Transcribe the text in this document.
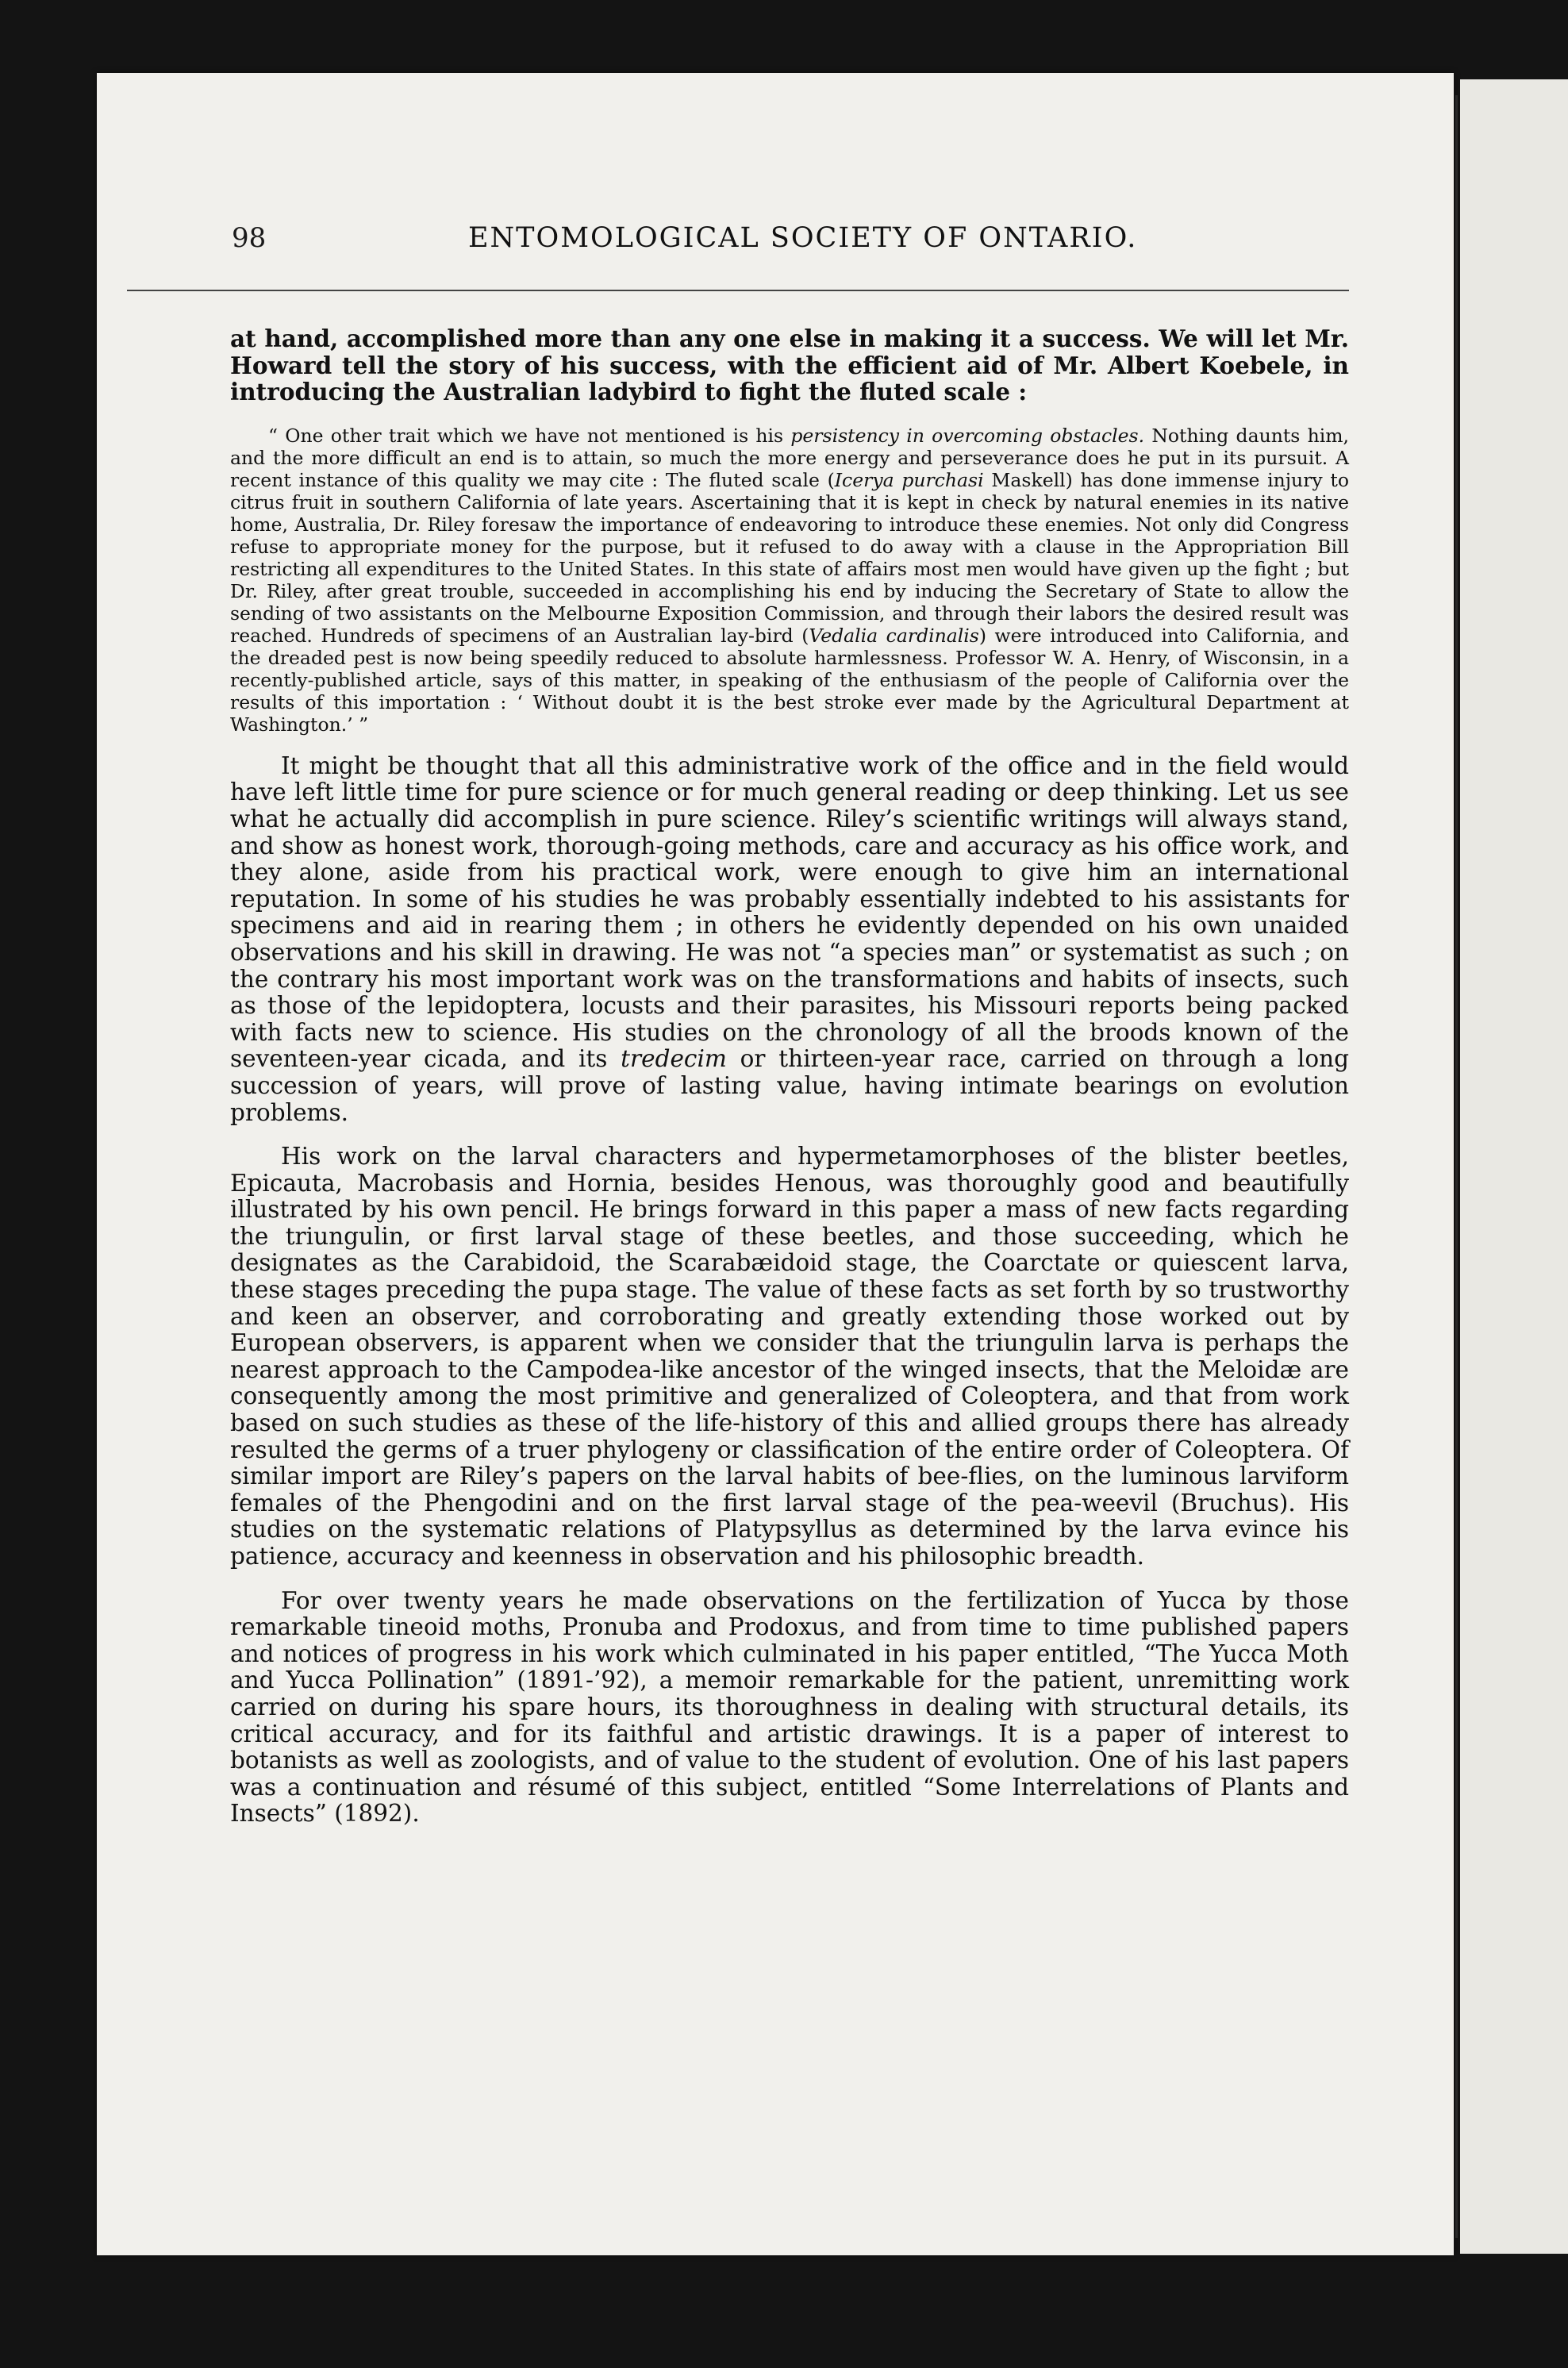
98	ENTOMOLOGICAL SOCIETY OF ONTARIO.

at hand, accomplished more than any one else in making it a success. We will let Mr. Howard tell the story of his success, with the efficient aid of Mr. Albert Koebele, in introducing the Australian ladybird to fight the fluted scale :

“ One other trait which we have not mentioned is his persistency in overcoming obstacles. Nothing daunts him, and the more difficult an end is to attain, so much the more energy and perseverance does he put in its pursuit. A recent instance of this quality we may cite : The fluted scale (Icerya purchasi Maskell) has done immense injury to citrus fruit in southern California of late years. Ascertaining that it is kept in check by natural enemies in its native home, Australia, Dr. Riley foresaw the importance of endeavoring to introduce these enemies. Not only did Congress refuse to appropriate money for the purpose, but it refused to do away with a clause in the Appropriation Bill restricting all expenditures to the United States. In this state of affairs most men would have given up the fight ; but Dr. Riley, after great trouble, succeeded in accomplishing his end by inducing the Secretary of State to allow the sending of two assistants on the Melbourne Exposition Commission, and through their labors the desired result was reached. Hundreds of specimens of an Australian lay-bird (Vedalia cardinalis) were introduced into California, and the dreaded pest is now being speedily reduced to absolute harmlessness. Professor W. A. Henry, of Wisconsin, in a recently-published article, says of this matter, in speaking of the enthusiasm of the people of California over the results of this importation : ‘ Without doubt it is the best stroke ever made by the Agricultural Department at Washington.’ ”

It might be thought that all this administrative work of the office and in the field would have left little time for pure science or for much general reading or deep thinking. Let us see what he actually did accomplish in pure science. Riley’s scientific writings will always stand, and show as honest work, thorough-going methods, care and accuracy as his office work, and they alone, aside from his practical work, were enough to give him an international reputation. In some of his studies he was probably essentially indebted to his assistants for specimens and aid in rearing them ; in others he evidently depended on his own unaided observations and his skill in drawing. He was not “a species man” or systematist as such ; on the contrary his most important work was on the transformations and habits of insects, such as those of the lepidoptera, locusts and their parasites, his Missouri reports being packed with facts new to science. His studies on the chronology of all the broods known of the seventeen-year cicada, and its tredecim or thirteen-year race, carried on through a long succession of years, will prove of lasting value, having intimate bearings on evolution problems.

His work on the larval characters and hypermetamorphoses of the blister beetles, Epicauta, Macrobasis and Hornia, besides Henous, was thoroughly good and beautifully illustrated by his own pencil. He brings forward in this paper a mass of new facts regarding the triungulin, or first larval stage of these beetles, and those succeeding, which he designates as the Carabidoid, the Scarabæidoid stage, the Coarctate or quiescent larva, these stages preceding the pupa stage. The value of these facts as set forth by so trustworthy and keen an observer, and corroborating and greatly extending those worked out by European observers, is apparent when we consider that the triungulin larva is perhaps the nearest approach to the Campodea-like ancestor of the winged insects, that the Meloidæ are consequently among the most primitive and generalized of Coleoptera, and that from work based on such studies as these of the life-history of this and allied groups there has already resulted the germs of a truer phylogeny or classification of the entire order of Coleoptera. Of similar import are Riley’s papers on the larval habits of bee-flies, on the luminous larviform females of the Phengodini and on the first larval stage of the pea-weevil (Bruchus). His studies on the systematic relations of Platypsyllus as determined by the larva evince his patience, accuracy and keenness in observation and his philosophic breadth.

For over twenty years he made observations on the fertilization of Yucca by those remarkable tineoid moths, Pronuba and Prodoxus, and from time to time published papers and notices of progress in his work which culminated in his paper entitled, “The Yucca Moth and Yucca Pollination” (1891-’92), a memoir remarkable for the patient, unremitting work carried on during his spare hours, its thoroughness in dealing with structural details, its critical accuracy, and for its faithful and artistic drawings. It is a paper of interest to botanists as well as zoologists, and of value to the student of evolution. One of his last papers was a continuation and résumé of this subject, entitled “Some Interrelations of Plants and Insects” (1892).
